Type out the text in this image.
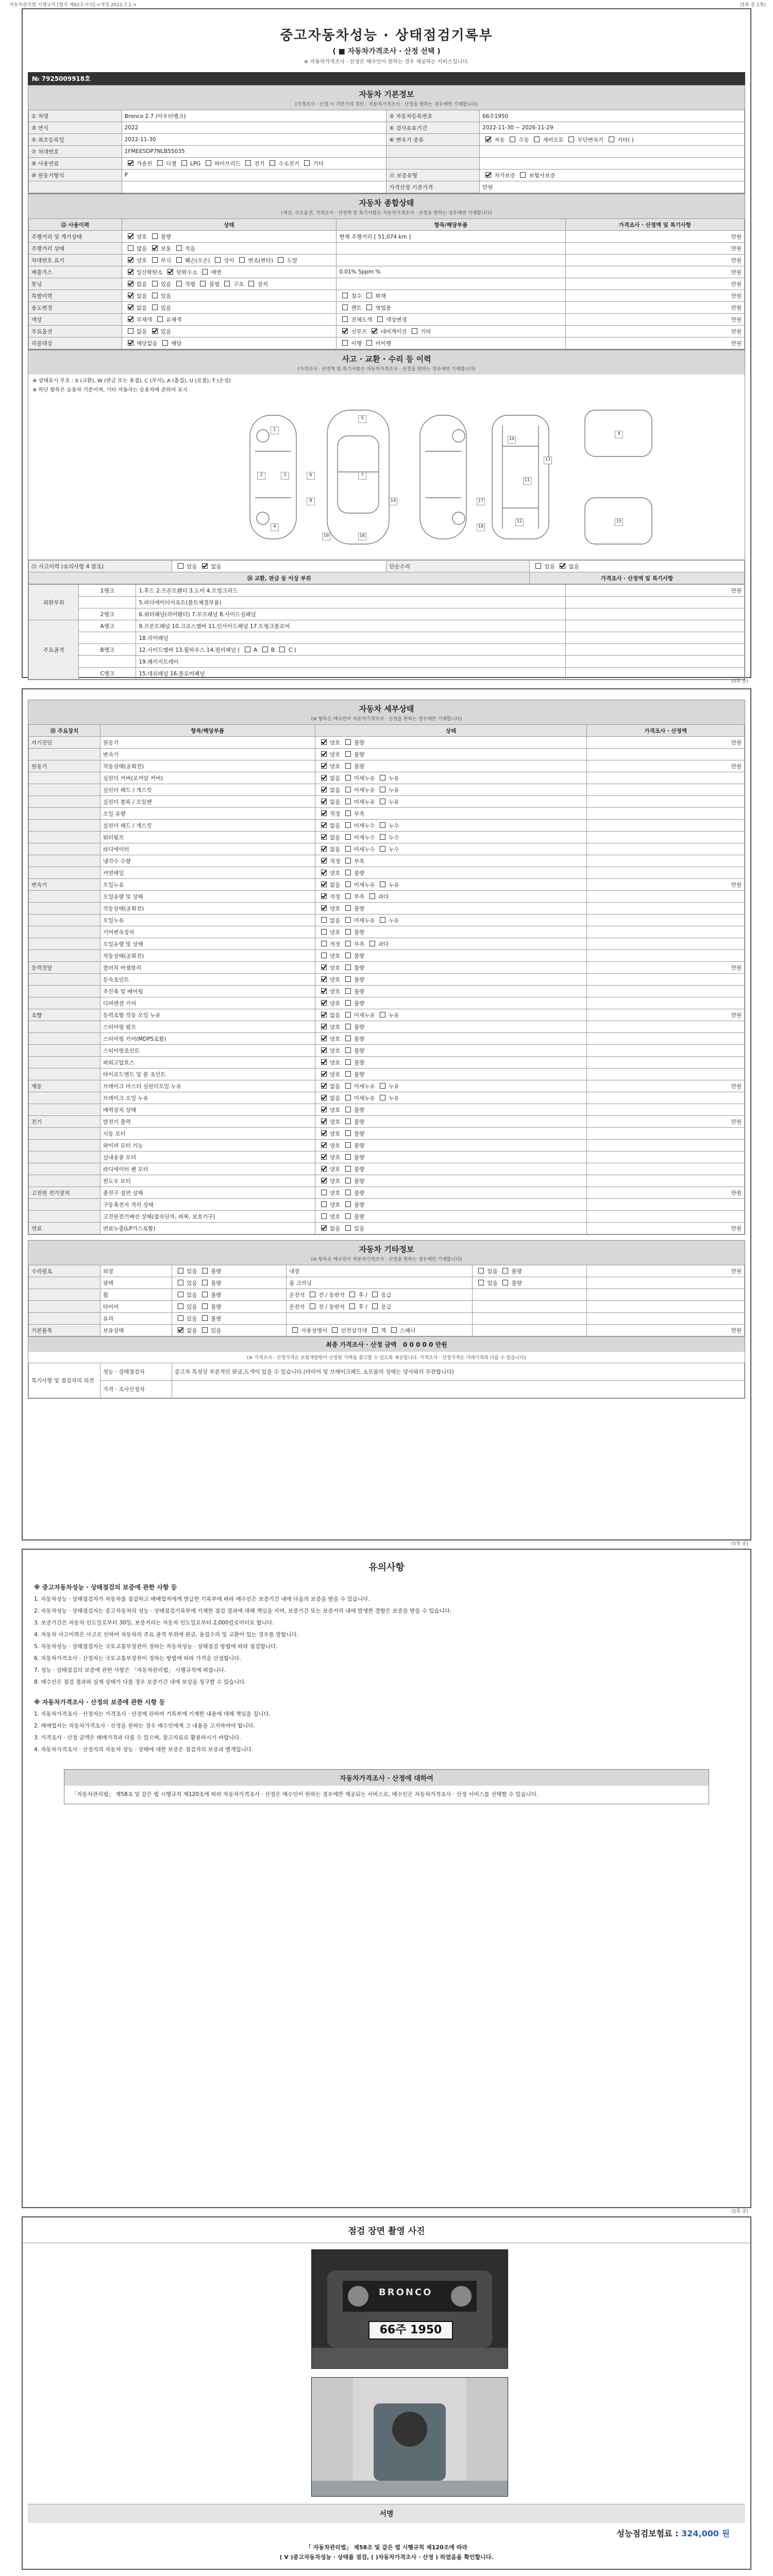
자동차관리법 시행규칙 [별지 제82호서식] <개정 2021.7.1.>	(5쪽 중 1쪽)
중고자동차성능 · 상태점검기록부
( ■ 자동차가격조사 · 산정 선택 )
※ 자동차가격조사 · 산정은 매수인이 원하는 경우 제공하는 서비스입니다.
№ 7925009918호
자동차 기본정보
(가격조사 · 산정 시 기준가격 정보 : 자동차가격조사 · 산정을 원하는 경우에만 기재합니다)
① 차명	Bronco 2.7 (아우터뱅크)	② 자동차등록번호	66주1950
③ 연식	2022	④ 검사유효기간	2022-11-30 ~ 2026-11-29
⑤ 최초등록일	2022-11-30	⑥ 변속기 종류	자동  수동  세미오토  무단변속기  기타( )
⑦ 차대번호	1FMEE5DP7NLB55035		
⑨ 사용연료	가솔린  디젤  LPG  하이브리드  전기  수소전기  기타		
⑩ 원동기형식	P	⑪ 보증유형	자가보증  보험사보증
		가격산정 기준가격	만원
자동차 종합상태
(색상, 주요옵션, 가격조사 · 산정액 및 특기사항은 자동차가격조사 · 산정을 원하는 경우에만 기재합니다)
⑫ 사용이력	상태	항목/해당부품	가격조사 · 산정액 및 특기사항
주행거리 및 계기상태	양호  불량	현재 주행거리 [ 51,074 km ]	만원
주행거리 상태	많음  보통  적음		만원
차대번호 표기	양호  부식  훼손(오손)  상이  변조(변타)  도말		만원
배출가스	일산화탄소  탄화수소  매연	0.01% 5ppm %	만원
튜닝	없음  있음  적법  불법  구조  장치		만원
특별이력	없음  있음	침수  화재	만원
용도변경	없음  있음	렌트  영업용	만원
색상	무채색  유채색	전체도색  색상변경	만원
주요옵션	없음  있음	선루프  네비게이션  기타	만원
리콜대상	해당없음  해당	이행  미이행	만원
사고 · 교환 · 수리 등 이력
(가격조사 · 산정액 및 특기사항은 자동차가격조사 · 산정을 원하는 경우에만 기재합니다)
※ 상태표시 부호 : X (교환), W (판금 또는 용접), C (부식), A (흠집), U (요철), T (손상)
※ 하단 항목은 승용차 기준이며, 기타 자동차는 승용차에 준하여 표시
1
2	3
4
5
6	7
8
9
10
11
12
13
14
15
16
17
18
19
⑬ 사고이력 (유의사항 4 참조)	있음  없음	단순수리	있음  없음
⑭ 교환, 판금 등 이상 부위			가격조사 · 산정액 및 특기사항
외판부위	1랭크	1.후드 2.프론트휀더 3.도어 4.트렁크리드	만원
		5.라디에이터서포트(볼트체결부품)	
	2랭크	6.쿼터패널(리어휀더) 7.루프패널 8.사이드실패널	
주요골격	A랭크	9.프론트패널 10.크로스멤버 11.인사이드패널 17.트렁크플로어	
		18.리어패널	
	B랭크	12.사이드멤버 13.휠하우스 14.필러패널 (  A  B  C )	
		19.패키지트레이	
	C랭크	15.대쉬패널 16.플로어패널	
(5쪽 중)
자동차 세부상태
(※ 항목은 매수인이 자동차가격조사 · 산정을 원하는 경우에만 기재합니다)
⑮ 주요장치	항목/해당부품	상태	가격조사 · 산정액
자기진단	원동기	양호  불량	만원
	변속기	양호  불량	
원동기	작동상태(공회전)	양호  불량	만원
	실린더 커버(로커암 커버)	없음  미세누유  누유	
	실린더 헤드 / 개스킷	없음  미세누유  누유	
	실린더 블록 / 오일팬	없음  미세누유  누유	
	오일 유량	적정  부족	
	실린더 헤드 / 개스킷	없음  미세누수  누수	
	워터펌프	없음  미세누수  누수	
	라디에이터	없음  미세누수  누수	
	냉각수 수량	적정  부족	
	커먼레일	양호  불량	
변속기	오일누유	없음  미세누유  누유	만원
	오일유량 및 상태	적정  부족  과다	
	작동상태(공회전)	양호  불량	
	오일누유	없음  미세누유  누유	
	기어변속장치	양호  불량	
	오일유량 및 상태	적정  부족  과다	
	작동상태(공회전)	양호  불량	
동력전달	클러치 어셈블리	양호  불량	만원
	등속조인트	양호  불량	
	추진축 및 베어링	양호  불량	
	디퍼렌셜 기어	양호  불량	
조향	동력조향 작동 오일 누유	없음  미세누유  누유	만원
	스티어링 펌프	양호  불량	
	스티어링 기어(MDPS포함)	양호  불량	
	스티어링조인트	양호  불량	
	파워고압호스	양호  불량	
	타이로드엔드 및 볼 조인트	양호  불량	
제동	브레이크 마스터 실린더오일 누유	없음  미세누유  누유	만원
	브레이크 오일 누유	없음  미세누유  누유	
	배력장치 상태	양호  불량	
전기	발전기 출력	양호  불량	만원
	시동 모터	양호  불량	
	와이퍼 모터 기능	양호  불량	
	실내송풍 모터	양호  불량	
	라디에이터 팬 모터	양호  불량	
	윈도우 모터	양호  불량	
고전원 전기장치	충전구 절연 상태	양호  불량	만원
	구동축전지 격리 상태	양호  불량	
	고전원전기배선 상태(접속단자, 피복, 보호기구)	양호  불량	
연료	연료누출(LP가스포함)	없음  있음	만원
자동차 기타정보
(※ 항목은 매수인이 자동차가격조사 · 산정을 원하는 경우에만 기재합니다)
수리필요	외장	있음  불량	내장	있음  불량	만원
	광택	있음  불량	룸 크리닝	있음  불량	
	휠	있음  불량	운전석  전 / 동반석  후 /  응급		
	타이어	있음  불량	운전석  전 / 동반석  후 /  응급		
	유리	있음  불량			
기본품목	보유상태	없음  있음	사용설명서  안전삼각대  잭  스패너		만원
최종 가격조사 · 산정 금액 0 0 0 0 0 만원
(※ 가격조사 · 산정가격은 보험개발원이 산정한 가액을 참고할 수 있도록 제공합니다. 가격조사 · 산정가격은 거래가격과 다를 수 있습니다)
특기사항 및 점검자의 의견	성능 · 상태점검자	중고차 특성상 부분적인 판금,도색이 있을 수 있습니다.(타이어 및 브레이크패드 소모품의 상태는 당사와의 무관합니다)
	가격 · 조사산정자	
(5쪽 중)
유의사항
※ 중고자동차성능 · 상태점검의 보증에 관한 사항 등

1. 자동차성능 · 상태점검자가 자동차를 점검하고 매매업자에게 발급한 기록부에 따라 매수인은 보증기간 내에 다음의 보증을 받을 수 있습니다.

2. 자동차성능 · 상태점검자는 중고자동차의 성능 · 상태점검기록부에 기재한 점검 결과에 대해 책임을 지며, 보증기간 또는 보증거리 내에 발생한 결함은 보증을 받을 수 있습니다.

3. 보증기간은 자동차 인도일로부터 30일, 보증거리는 자동차 인도일로부터 2,000킬로미터로 합니다.

4. 자동차 사고이력은 사고로 인하여 자동차의 주요 골격 부위에 판금, 용접수리 및 교환이 있는 경우를 말합니다.

5. 자동차성능 · 상태점검자는 국토교통부장관이 정하는 자동차성능 · 상태점검 방법에 따라 점검합니다.

6. 자동차가격조사 · 산정자는 국토교통부장관이 정하는 방법에 따라 가격을 산정합니다.

7. 성능 · 상태점검의 보증에 관한 사항은 「자동차관리법」 시행규칙에 따릅니다.

8. 매수인은 점검 결과와 실제 상태가 다를 경우 보증기간 내에 보상을 청구할 수 있습니다.

※ 자동차가격조사 · 산정의 보증에 관한 사항 등

1. 자동차가격조사 · 산정자는 가격조사 · 산정에 관하여 기록부에 기재한 내용에 대해 책임을 집니다.

2. 매매업자는 자동차가격조사 · 산정을 원하는 경우 매수인에게 그 내용을 고지하여야 합니다.

3. 가격조사 · 산정 금액은 매매가격과 다를 수 있으며, 참고자료로 활용하시기 바랍니다.

4. 자동차가격조사 · 산정자의 자동차 성능 · 상태에 대한 보증은 점검자의 보증과 별개입니다.

자동차가격조사 · 산정에 대하여

「자동차관리법」 제58조 및 같은 법 시행규칙 제120조에 따라 자동차가격조사 · 산정은 매수인이 원하는 경우에만 제공되는 서비스로, 매수인은 자동차가격조사 · 산정 서비스를 선택할 수 있습니다.

(5쪽 중)
점검 장면 촬영 사진
BRONCO
66주 1950
서명
성능점검보험료 : 324,000 원
「 자동차관리법」 제58조 및 같은 법 시행규칙 제120조에 따라
( V )중고자동차성능 · 상태를 점검, ( )자동차가격조사 · 산정 ) 하였음을 확인합니다.
